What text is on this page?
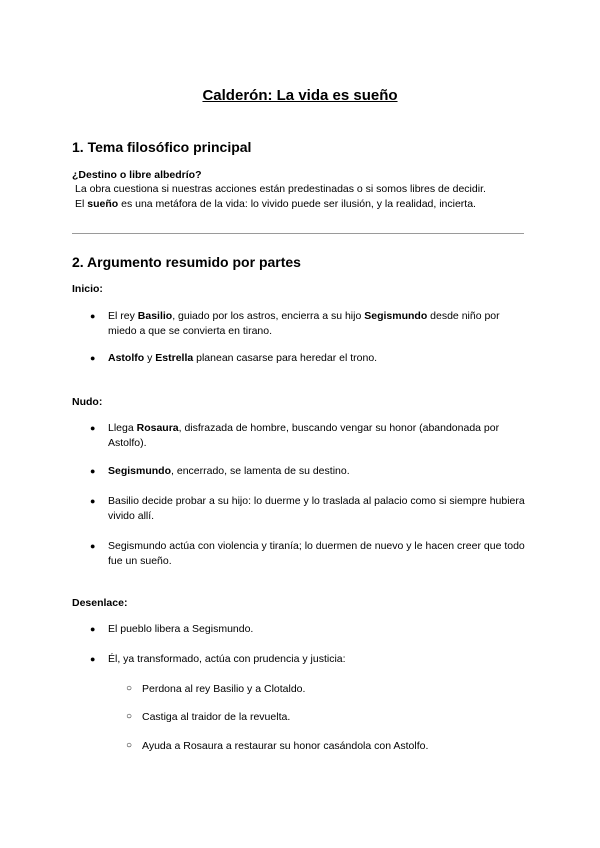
Calderón: La vida es sueño
1. Tema filosófico principal
¿Destino o libre albedrío?
La obra cuestiona si nuestras acciones están predestinadas o si somos libres de decidir.
El sueño es una metáfora de la vida: lo vivido puede ser ilusión, y la realidad, incierta.
2. Argumento resumido por partes
Inicio:
● El rey Basilio, guiado por los astros, encierra a su hijo Segismundo desde niño por miedo a que se convierta en tirano.
● Astolfo y Estrella planean casarse para heredar el trono.
Nudo:
● Llega Rosaura, disfrazada de hombre, buscando vengar su honor (abandonada por Astolfo).
● Segismundo, encerrado, se lamenta de su destino.
● Basilio decide probar a su hijo: lo duerme y lo traslada al palacio como si siempre hubiera vivido allí.
● Segismundo actúa con violencia y tiranía; lo duermen de nuevo y le hacen creer que todo fue un sueño.
Desenlace:
● El pueblo libera a Segismundo.
● Él, ya transformado, actúa con prudencia y justicia:
○ Perdona al rey Basilio y a Clotaldo.
○ Castiga al traidor de la revuelta.
○ Ayuda a Rosaura a restaurar su honor casándola con Astolfo.
